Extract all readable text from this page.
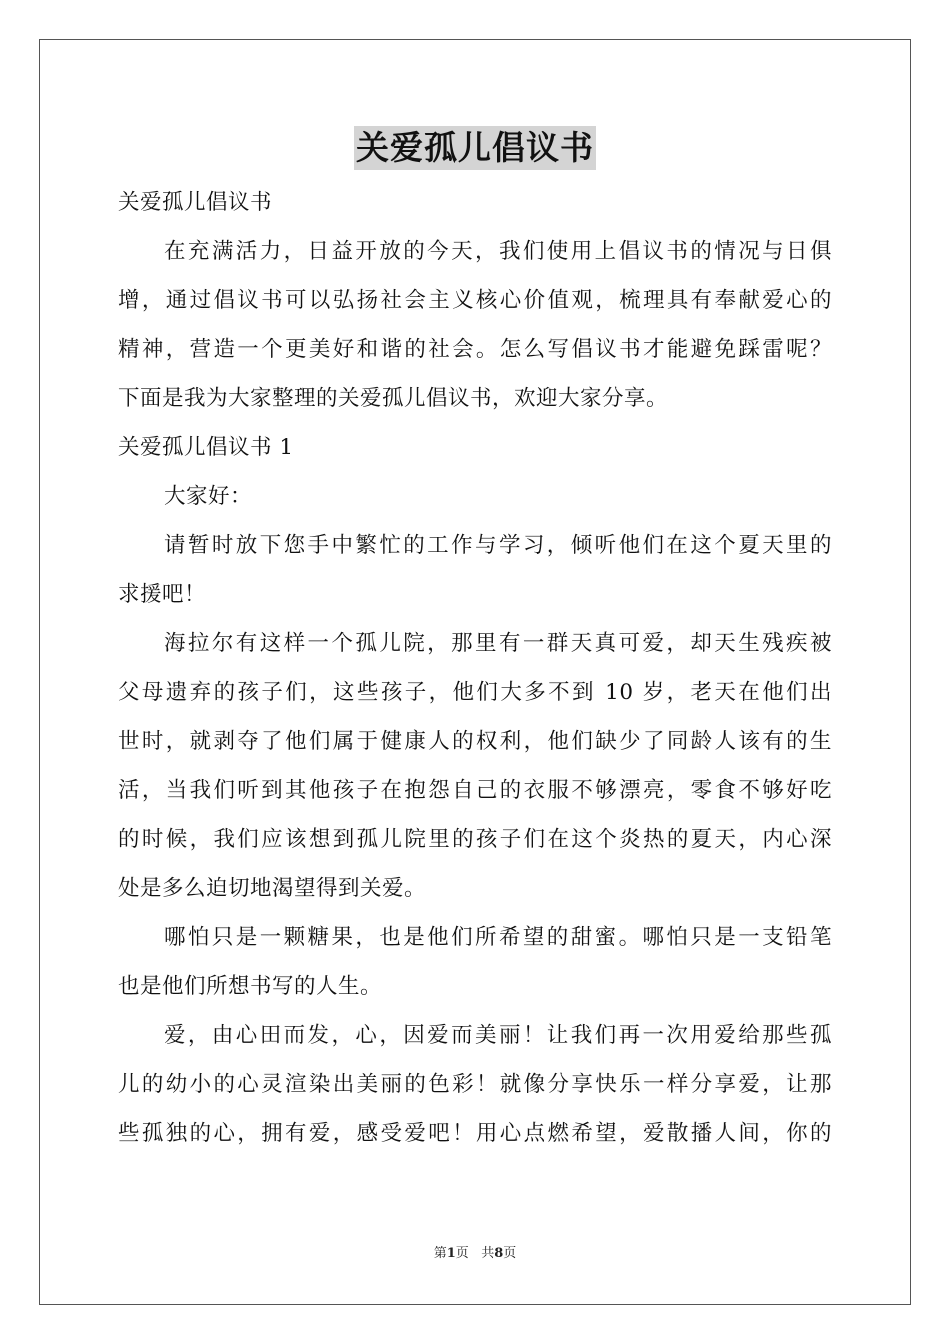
关爱孤儿倡议书
关爱孤儿倡议书
在充满活力，日益开放的今天，我们使用上倡议书的情况与日俱
增，通过倡议书可以弘扬社会主义核心价值观，梳理具有奉献爱心的
精神，营造一个更美好和谐的社会。怎么写倡议书才能避免踩雷呢？
下面是我为大家整理的关爱孤儿倡议书，欢迎大家分享。
关爱孤儿倡议书 1
大家好：
请暂时放下您手中繁忙的工作与学习，倾听他们在这个夏天里的
求援吧！
海拉尔有这样一个孤儿院，那里有一群天真可爱，却天生残疾被
父母遗弃的孩子们，这些孩子，他们大多不到 10 岁，老天在他们出
世时，就剥夺了他们属于健康人的权利，他们缺少了同龄人该有的生
活，当我们听到其他孩子在抱怨自己的衣服不够漂亮，零食不够好吃
的时候，我们应该想到孤儿院里的孩子们在这个炎热的夏天，内心深
处是多么迫切地渴望得到关爱。
哪怕只是一颗糖果，也是他们所希望的甜蜜。哪怕只是一支铅笔
也是他们所想书写的人生。
爱，由心田而发，心，因爱而美丽！让我们再一次用爱给那些孤
儿的幼小的心灵渲染出美丽的色彩！就像分享快乐一样分享爱，让那
些孤独的心，拥有爱，感受爱吧！用心点燃希望，爱散播人间，你的
第1页 共8页
